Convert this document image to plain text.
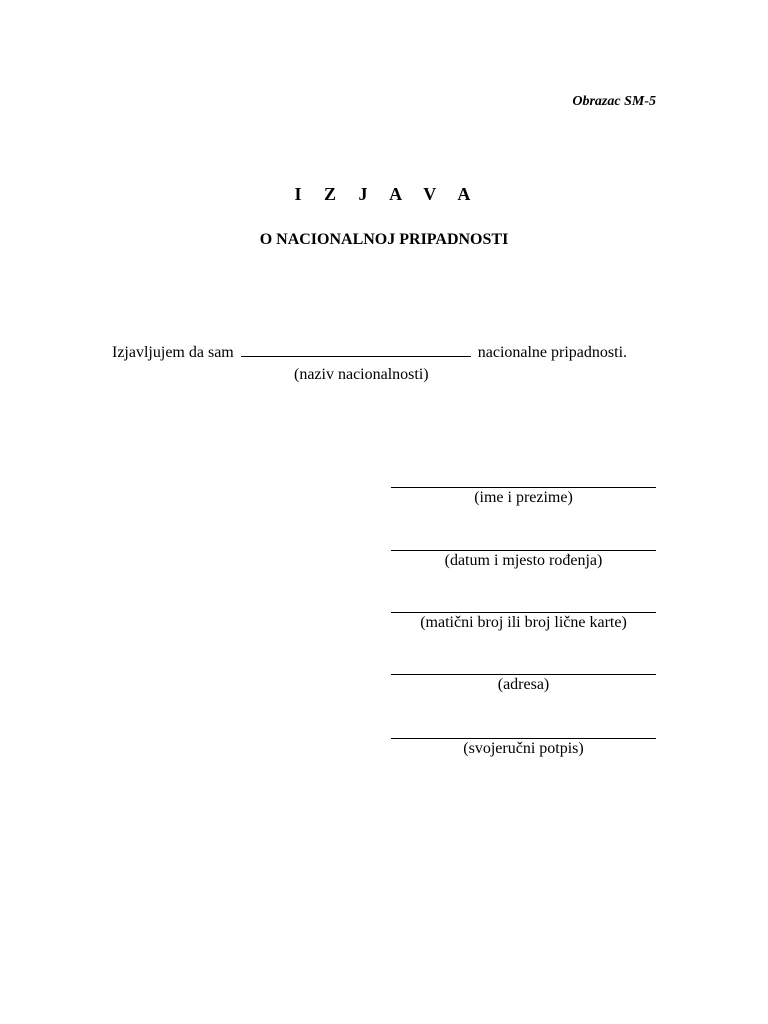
Obrazac SM-5
I Z J A V A
O NACIONALNOJ PRIPADNOSTI
Izjavljujem da sam	nacionalne pripadnosti.
(naziv nacionalnosti)
(ime i prezime)
(datum i mjesto rođenja)
(matični broj ili broj lične karte)
(adresa)
(svojeručni potpis)
